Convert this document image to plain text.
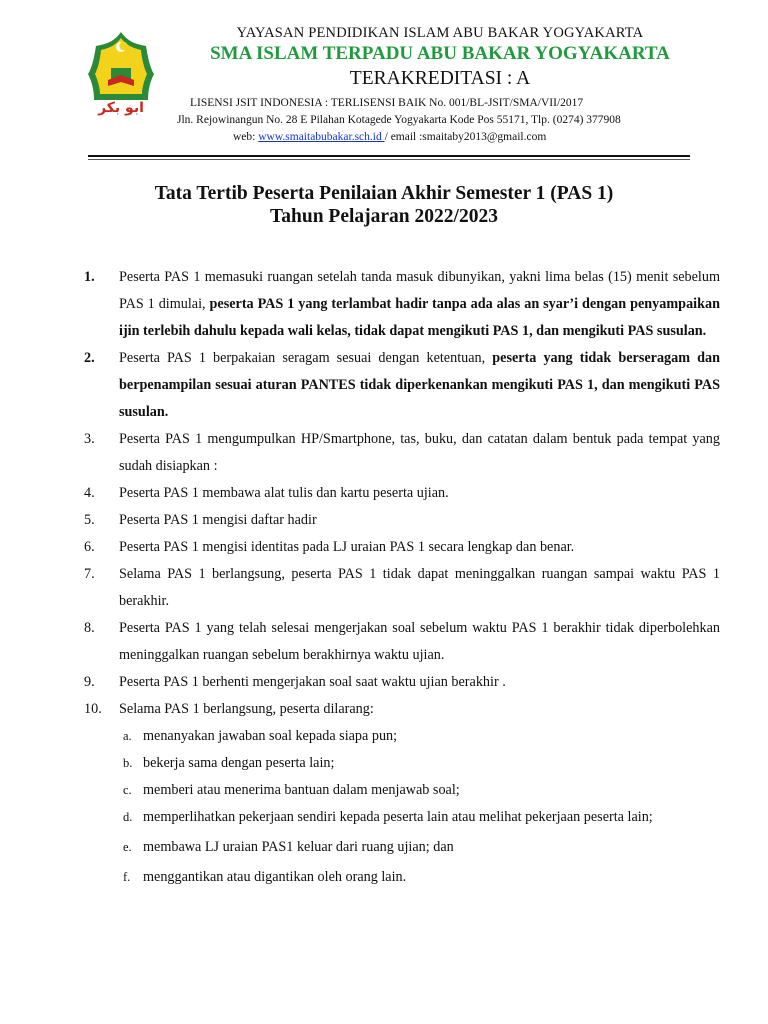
ابو بكر
YAYASAN PENDIDIKAN ISLAM ABU BAKAR YOGYAKARTA
SMA ISLAM TERPADU ABU BAKAR YOGYAKARTA
TERAKREDITASI : A
LISENSI JSIT INDONESIA : TERLISENSI BAIK No. 001/BL-JSIT/SMA/VII/2017
Jln. Rejowinangun No. 28 E Pilahan Kotagede Yogyakarta Kode Pos 55171, Tlp. (0274) 377908
web: www.smaitabubakar.sch.id / email :smaitaby2013@gmail.com
Tata Tertib Peserta Penilaian Akhir Semester 1 (PAS 1)
Tahun Pelajaran 2022/2023
1. Peserta PAS 1 memasuki ruangan setelah tanda masuk dibunyikan, yakni lima belas (15) menit sebelum PAS 1 dimulai, peserta PAS 1 yang terlambat hadir tanpa ada alas an syar’i dengan penyampaikan ijin terlebih dahulu kepada wali kelas, tidak dapat mengikuti PAS 1, dan mengikuti PAS susulan.

2. Peserta PAS 1 berpakaian seragam sesuai dengan ketentuan, peserta yang tidak berseragam dan berpenampilan sesuai aturan PANTES tidak diperkenankan mengikuti PAS 1, dan mengikuti PAS susulan.

3. Peserta PAS 1 mengumpulkan HP/Smartphone, tas, buku, dan catatan dalam bentuk pada tempat yang sudah disiapkan :

4. Peserta PAS 1 membawa alat tulis dan kartu peserta ujian.

5. Peserta PAS 1 mengisi daftar hadir

6. Peserta PAS 1 mengisi identitas pada LJ uraian PAS 1 secara lengkap dan benar.

7. Selama PAS 1 berlangsung, peserta PAS 1 tidak dapat meninggalkan ruangan sampai waktu PAS 1 berakhir.

8. Peserta PAS 1 yang telah selesai mengerjakan soal sebelum waktu PAS 1 berakhir tidak diperbolehkan meninggalkan ruangan sebelum berakhirnya waktu ujian.

9. Peserta PAS 1 berhenti mengerjakan soal saat waktu ujian berakhir .

10. Selama PAS 1 berlangsung, peserta dilarang:

a. menanyakan jawaban soal kepada siapa pun;
b. bekerja sama dengan peserta lain;
c. memberi atau menerima bantuan dalam menjawab soal;
d. memperlihatkan pekerjaan sendiri kepada peserta lain atau melihat pekerjaan peserta lain;
e. membawa LJ uraian PAS1 keluar dari ruang ujian; dan
f. menggantikan atau digantikan oleh orang lain.
